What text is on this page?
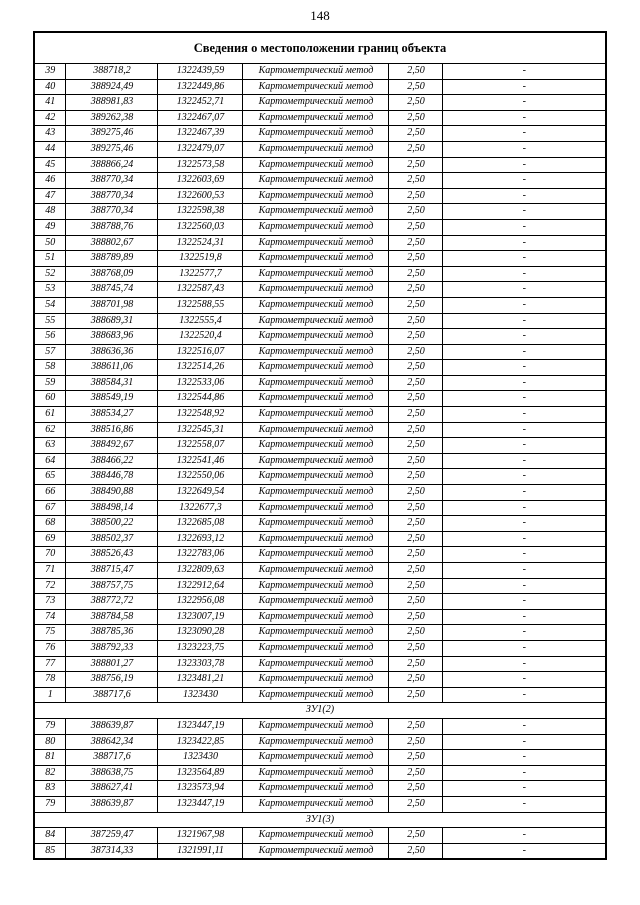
148
Сведения о местоположении границ объекта					
39	388718,2	1322439,59	Картометрический метод	2,50	-
40	388924,49	1322449,86	Картометрический метод	2,50	-
41	388981,83	1322452,71	Картометрический метод	2,50	-
42	389262,38	1322467,07	Картометрический метод	2,50	-
43	389275,46	1322467,39	Картометрический метод	2,50	-
44	389275,46	1322479,07	Картометрический метод	2,50	-
45	388866,24	1322573,58	Картометрический метод	2,50	-
46	388770,34	1322603,69	Картометрический метод	2,50	-
47	388770,34	1322600,53	Картометрический метод	2,50	-
48	388770,34	1322598,38	Картометрический метод	2,50	-
49	388788,76	1322560,03	Картометрический метод	2,50	-
50	388802,67	1322524,31	Картометрический метод	2,50	-
51	388789,89	1322519,8	Картометрический метод	2,50	-
52	388768,09	1322577,7	Картометрический метод	2,50	-
53	388745,74	1322587,43	Картометрический метод	2,50	-
54	388701,98	1322588,55	Картометрический метод	2,50	-
55	388689,31	1322555,4	Картометрический метод	2,50	-
56	388683,96	1322520,4	Картометрический метод	2,50	-
57	388636,36	1322516,07	Картометрический метод	2,50	-
58	388611,06	1322514,26	Картометрический метод	2,50	-
59	388584,31	1322533,06	Картометрический метод	2,50	-
60	388549,19	1322544,86	Картометрический метод	2,50	-
61	388534,27	1322548,92	Картометрический метод	2,50	-
62	388516,86	1322545,31	Картометрический метод	2,50	-
63	388492,67	1322558,07	Картометрический метод	2,50	-
64	388466,22	1322541,46	Картометрический метод	2,50	-
65	388446,78	1322550,06	Картометрический метод	2,50	-
66	388490,88	1322649,54	Картометрический метод	2,50	-
67	388498,14	1322677,3	Картометрический метод	2,50	-
68	388500,22	1322685,08	Картометрический метод	2,50	-
69	388502,37	1322693,12	Картометрический метод	2,50	-
70	388526,43	1322783,06	Картометрический метод	2,50	-
71	388715,47	1322809,63	Картометрический метод	2,50	-
72	388757,75	1322912,64	Картометрический метод	2,50	-
73	388772,72	1322956,08	Картометрический метод	2,50	-
74	388784,58	1323007,19	Картометрический метод	2,50	-
75	388785,36	1323090,28	Картометрический метод	2,50	-
76	388792,33	1323223,75	Картометрический метод	2,50	-
77	388801,27	1323303,78	Картометрический метод	2,50	-
78	388756,19	1323481,21	Картометрический метод	2,50	-
1	388717,6	1323430	Картометрический метод	2,50	-
ЗУ1(2)					
79	388639,87	1323447,19	Картометрический метод	2,50	-
80	388642,34	1323422,85	Картометрический метод	2,50	-
81	388717,6	1323430	Картометрический метод	2,50	-
82	388638,75	1323564,89	Картометрический метод	2,50	-
83	388627,41	1323573,94	Картометрический метод	2,50	-
79	388639,87	1323447,19	Картометрический метод	2,50	-
ЗУ1(3)					
84	387259,47	1321967,98	Картометрический метод	2,50	-
85	387314,33	1321991,11	Картометрический метод	2,50	-
